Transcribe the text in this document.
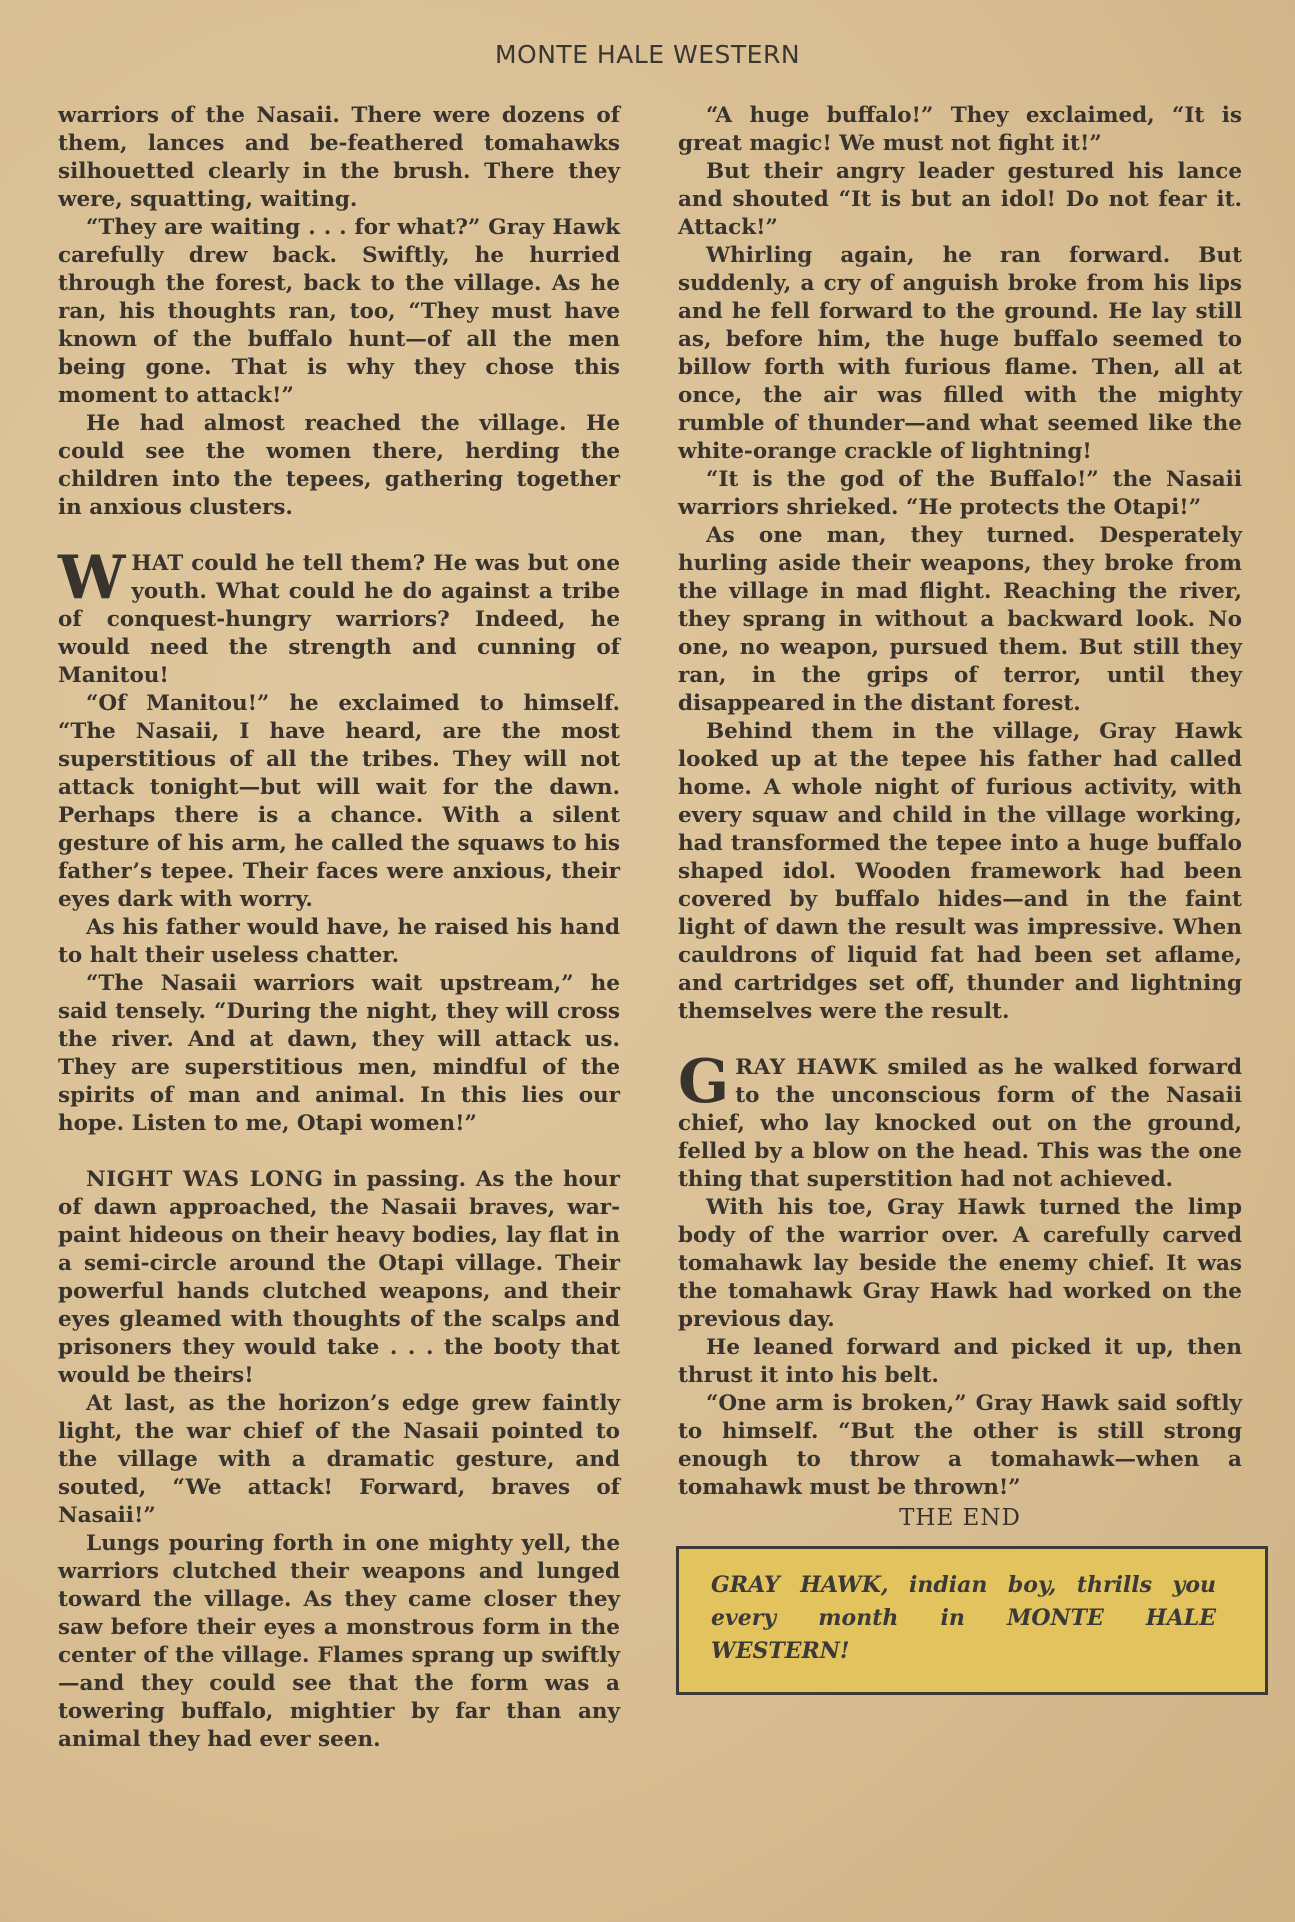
MONTE HALE WESTERN

warriors of the Nasaii. There were dozens of them, lances and be-feathered tomahawks silhouetted clearly in the brush. There they were, squatting, waiting.

“They are waiting . . . for what?” Gray Hawk carefully drew back. Swiftly, he hurried through the forest, back to the village. As he ran, his thoughts ran, too, “They must have known of the buffalo hunt—of all the men being gone. That is why they chose this moment to attack!”

He had almost reached the village. He could see the women there, herding the children into the tepees, gathering together in anxious clusters.

WHAT could he tell them? He was but one youth. What could he do against a tribe of conquest-hungry warriors? Indeed, he would need the strength and cunning of Manitou!

“Of Manitou!” he exclaimed to himself. “The Nasaii, I have heard, are the most superstitious of all the tribes. They will not attack tonight—but will wait for the dawn. Perhaps there is a chance. With a silent gesture of his arm, he called the squaws to his father’s tepee. Their faces were anxious, their eyes dark with worry.

As his father would have, he raised his hand to halt their useless chatter.

“The Nasaii warriors wait upstream,” he said tensely. “During the night, they will cross the river. And at dawn, they will attack us. They are superstitious men, mindful of the spirits of man and animal. In this lies our hope. Listen to me, Otapi women!”

NIGHT WAS LONG in passing. As the hour of dawn approached, the Nasaii braves, war-paint hideous on their heavy bodies, lay flat in a semi-circle around the Otapi village. Their powerful hands clutched weapons, and their eyes gleamed with thoughts of the scalps and prisoners they would take . . . the booty that would be theirs!

At last, as the horizon’s edge grew faintly light, the war chief of the Nasaii pointed to the village with a dramatic gesture, and souted, “We attack! Forward, braves of Nasaii!”

Lungs pouring forth in one mighty yell, the warriors clutched their weapons and lunged toward the village. As they came closer they saw before their eyes a monstrous form in the center of the village. Flames sprang up swiftly—and they could see that the form was a towering buffalo, mightier by far than any animal they had ever seen.

“A huge buffalo!” They exclaimed, “It is great magic! We must not fight it!”

But their angry leader gestured his lance and shouted “It is but an idol! Do not fear it. Attack!”

Whirling again, he ran forward. But suddenly, a cry of anguish broke from his lips and he fell forward to the ground. He lay still as, before him, the huge buffalo seemed to billow forth with furious flame. Then, all at once, the air was filled with the mighty rumble of thunder—and what seemed like the white-orange crackle of lightning!

“It is the god of the Buffalo!” the Nasaii warriors shrieked. “He protects the Otapi!”

As one man, they turned. Desperately hurling aside their weapons, they broke from the village in mad flight. Reaching the river, they sprang in without a backward look. No one, no weapon, pursued them. But still they ran, in the grips of terror, until they disappeared in the distant forest.

Behind them in the village, Gray Hawk looked up at the tepee his father had called home. A whole night of furious activity, with every squaw and child in the village working, had transformed the tepee into a huge buffalo shaped idol. Wooden framework had been covered by buffalo hides—and in the faint light of dawn the result was impressive. When cauldrons of liquid fat had been set aflame, and cartridges set off, thunder and lightning themselves were the result.

GRAY HAWK smiled as he walked forward to the unconscious form of the Nasaii chief, who lay knocked out on the ground, felled by a blow on the head. This was the one thing that superstition had not achieved.

With his toe, Gray Hawk turned the limp body of the warrior over. A carefully carved tomahawk lay beside the enemy chief. It was the tomahawk Gray Hawk had worked on the previous day.

He leaned forward and picked it up, then thrust it into his belt.

“One arm is broken,” Gray Hawk said softly to himself. “But the other is still strong enough to throw a tomahawk—when a tomahawk must be thrown!”

THE END
GRAY HAWK, indian boy, thrills you every month in MONTE HALE WESTERN!
